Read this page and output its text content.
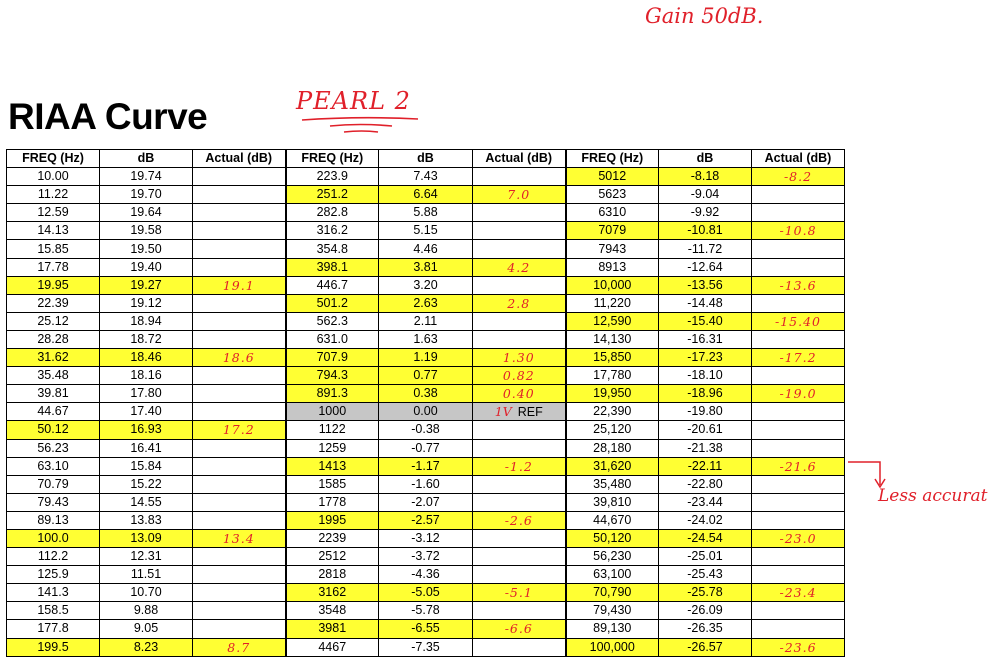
Gain 50dB.
RIAA Curve	PEARL 2
FREQ (Hz)	dB	Actual (dB)	FREQ (Hz)	dB	Actual (dB)	FREQ (Hz)	dB	Actual (dB)
10.00	19.74		223.9	7.43		5012	-8.18	-8.2
11.22	19.70		251.2	6.64	7.0	5623	-9.04	
12.59	19.64		282.8	5.88		6310	-9.92	
14.13	19.58		316.2	5.15		7079	-10.81	-10.8
15.85	19.50		354.8	4.46		7943	-11.72	
17.78	19.40		398.1	3.81	4.2	8913	-12.64	
19.95	19.27	19.1	446.7	3.20		10,000	-13.56	-13.6
22.39	19.12		501.2	2.63	2.8	11,220	-14.48	
25.12	18.94		562.3	2.11		12,590	-15.40	-15.40
28.28	18.72		631.0	1.63		14,130	-16.31	
31.62	18.46	18.6	707.9	1.19	1.30	15,850	-17.23	-17.2
35.48	18.16		794.3	0.77	0.82	17,780	-18.10	
39.81	17.80		891.3	0.38	0.40	19,950	-18.96	-19.0
44.67	17.40		1000	0.00	1V REF	22,390	-19.80	
50.12	16.93	17.2	1122	-0.38		25,120	-20.61	
56.23	16.41		1259	-0.77		28,180	-21.38	
63.10	15.84		1413	-1.17	-1.2	31,620	-22.11	-21.6
70.79	15.22		1585	-1.60		35,480	-22.80	
79.43	14.55		1778	-2.07		39,810	-23.44	
89.13	13.83		1995	-2.57	-2.6	44,670	-24.02	
100.0	13.09	13.4	2239	-3.12		50,120	-24.54	-23.0
112.2	12.31		2512	-3.72		56,230	-25.01	
125.9	11.51		2818	-4.36		63,100	-25.43	
141.3	10.70		3162	-5.05	-5.1	70,790	-25.78	-23.4
158.5	9.88		3548	-5.78		79,430	-26.09	
177.8	9.05		3981	-6.55	-6.6	89,130	-26.35	
199.5	8.23	8.7	4467	-7.35		100,000	-26.57	-23.6
Less accurat
